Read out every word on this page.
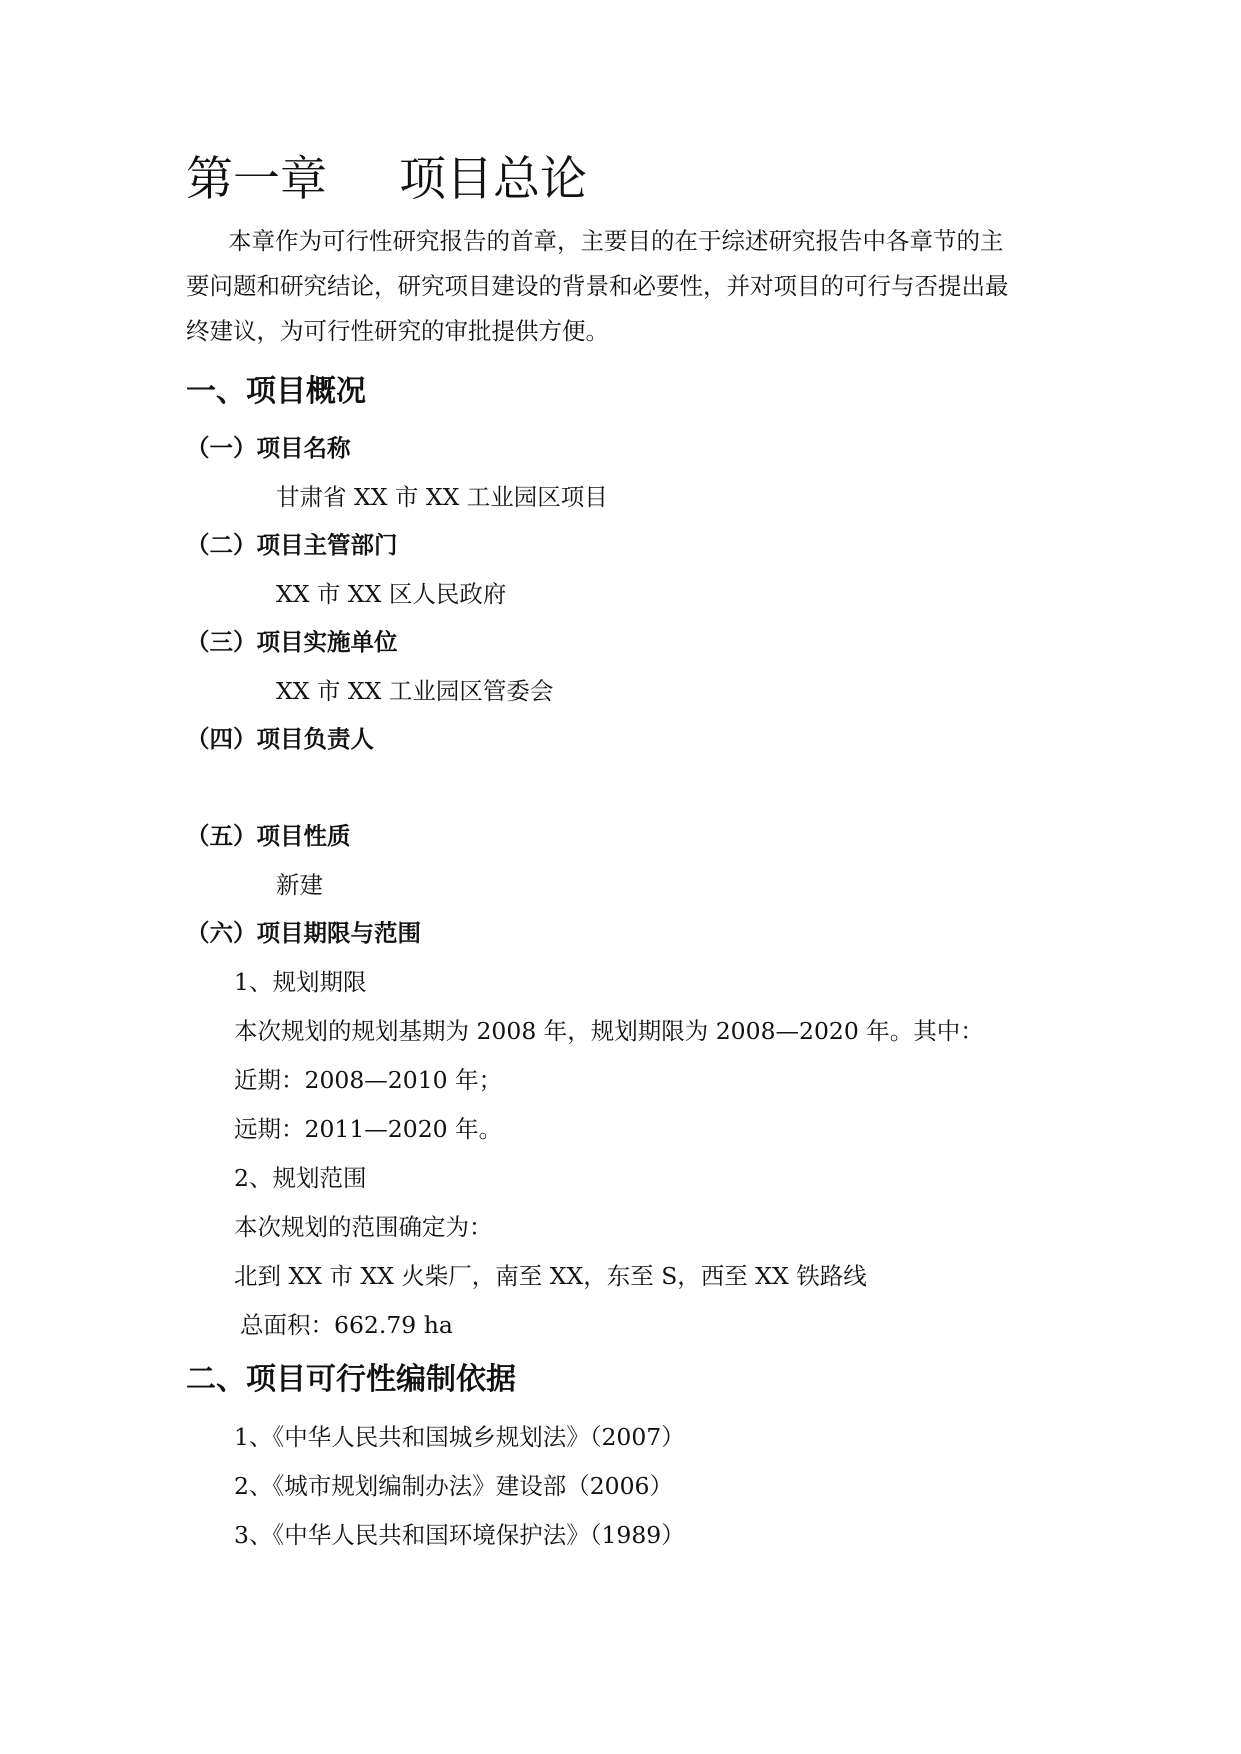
第一章 项目总论
本章作为可行性研究报告的首章，主要目的在于综述研究报告中各章节的主
要问题和研究结论，研究项目建设的背景和必要性，并对项目的可行与否提出最
终建议，为可行性研究的审批提供方便。
一、项目概况
（一）项目名称
甘肃省 XX 市 XX 工业园区项目
（二）项目主管部门
XX 市 XX 区人民政府
（三）项目实施单位
XX 市 XX 工业园区管委会
（四）项目负责人
（五）项目性质
新建
（六）项目期限与范围
1、规划期限
本次规划的规划基期为 2008 年，规划期限为 2008—2020 年。其中：
近期：2008—2010 年；
远期：2011—2020 年。
2、规划范围
本次规划的范围确定为：
北到 XX 市 XX 火柴厂，南至 XX，东至 S，西至 XX 铁路线
总面积：662.79 ha
二、项目可行性编制依据
1、《中华人民共和国城乡规划法》（2007）
2、《城市规划编制办法》建设部（2006）
3、《中华人民共和国环境保护法》（1989）
